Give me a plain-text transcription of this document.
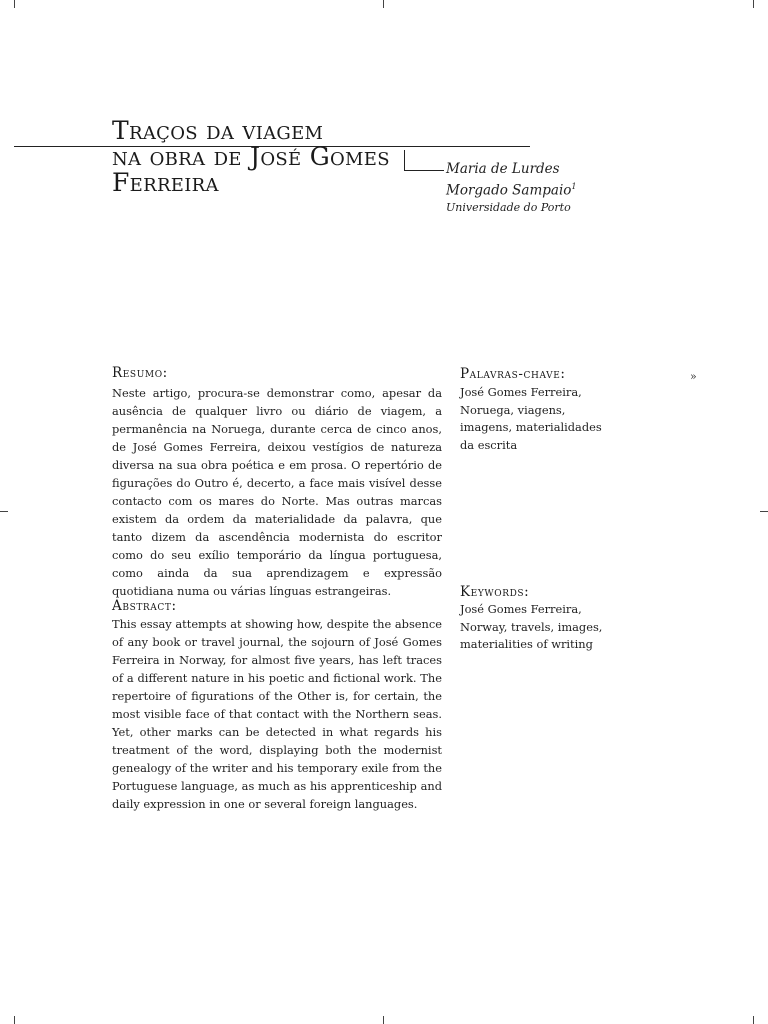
Traços da viagem
na obra de José Gomes
Ferreira	Maria de Lurdes
Morgado Sampaio$^1$
Universidade do Porto
Resumo:
Neste artigo, procura-se demonstrar como, apesar da ausência de qualquer livro ou diário de viagem, a permanência na Noruega, durante cerca de cinco anos, de José Gomes Ferreira, deixou vestígios de natureza diversa na sua obra poética e em prosa. O repertório de figurações do Outro é, decerto, a face mais visível desse contacto com os mares do Norte. Mas outras marcas existem da ordem da materialidade da palavra, que tanto dizem da ascendência modernista do escritor como do seu exílio temporário da língua portuguesa, como ainda da sua aprendizagem e expressão quotidiana numa ou várias línguas estrangeiras.
Abstract:
This essay attempts at showing how, despite the absence of any book or travel journal, the sojourn of José Gomes Ferreira in Norway, for almost five years, has left traces of a different nature in his poetic and fictional work. The repertoire of figurations of the Other is, for certain, the most visible face of that contact with the Northern seas. Yet, other marks can be detected in what regards his treatment of the word, displaying both the modernist genealogy of the writer and his temporary exile from the Portuguese language, as much as his apprenticeship and daily expression in one or several foreign languages.
Palavras-chave:
José Gomes Ferreira,
Noruega, viagens,
imagens, materialidades
da escrita
»
Keywords:
José Gomes Ferreira,
Norway, travels, images,
materialities of writing
